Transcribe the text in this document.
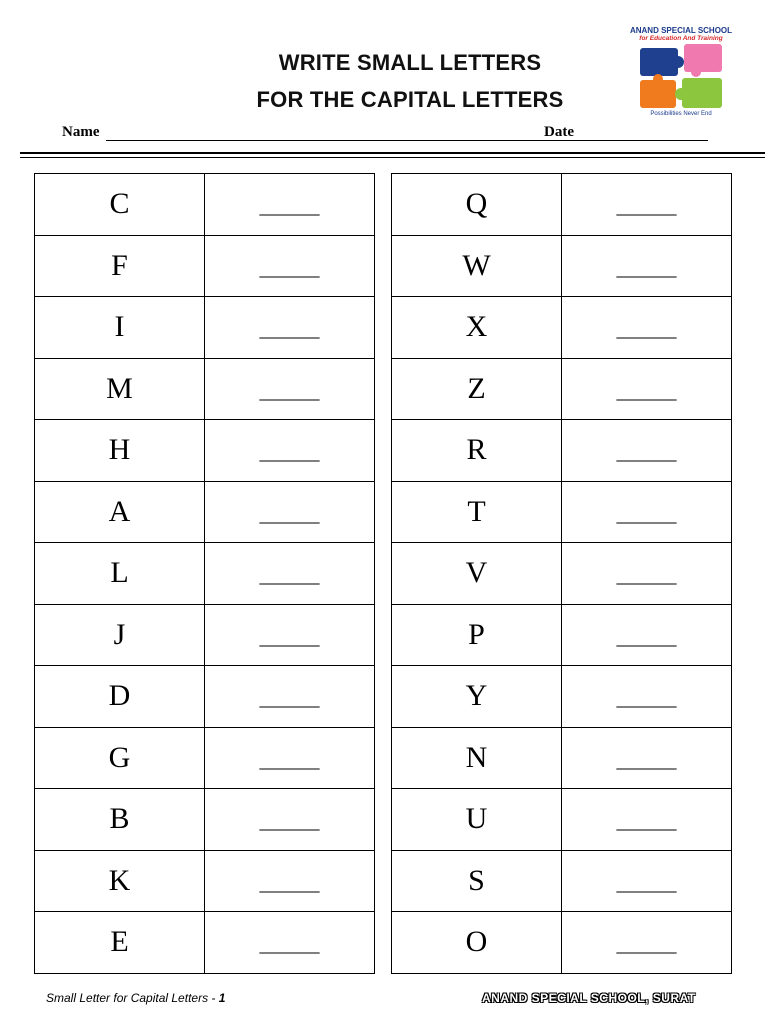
WRITE SMALL LETTERS
FOR THE CAPITAL LETTERS
ANAND SPECIAL SCHOOL
for Education And Training
Possibilities Never End
Name	Date
C	______
F	______
I	______
M	______
H	______
A	______
L	______
J	______
D	______
G	______
B	______
K	______
E	______
Q	______
W	______
X	______
Z	______
R	______
T	______
V	______
P	______
Y	______
N	______
U	______
S	______
O	______
Small Letter for Capital Letters - 1	ANAND SPECIAL SCHOOL, SURAT
